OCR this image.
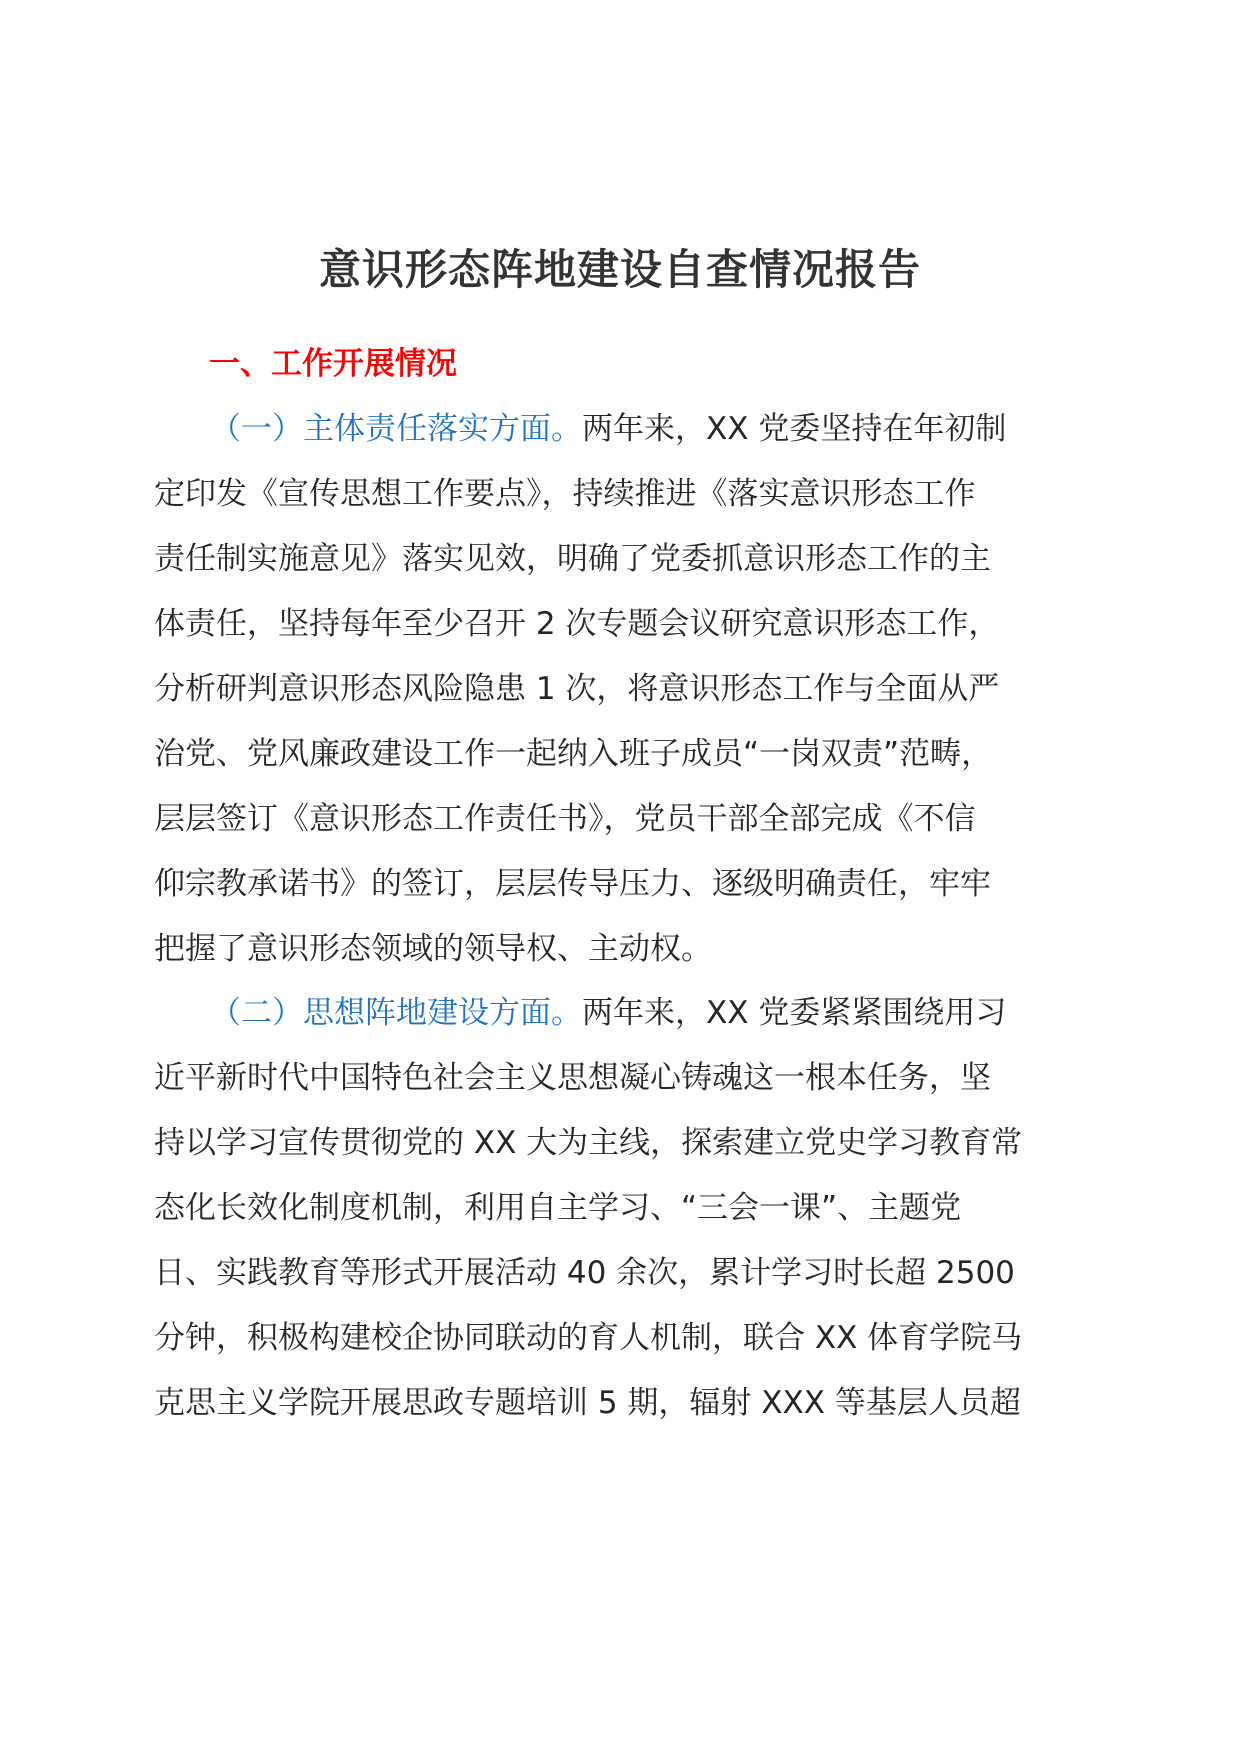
意识形态阵地建设自查情况报告
一、工作开展情况
（一）主体责任落实方面。两年来，XX 党委坚持在年初制
定印发《宣传思想工作要点》，持续推进《落实意识形态工作
责任制实施意见》落实见效，明确了党委抓意识形态工作的主
体责任，坚持每年至少召开 2 次专题会议研究意识形态工作，
分析研判意识形态风险隐患 1 次，将意识形态工作与全面从严
治党、党风廉政建设工作一起纳入班子成员“一岗双责”范畴，
层层签订《意识形态工作责任书》，党员干部全部完成《不信
仰宗教承诺书》的签订，层层传导压力、逐级明确责任，牢牢
把握了意识形态领域的领导权、主动权。
（二）思想阵地建设方面。两年来，XX 党委紧紧围绕用习
近平新时代中国特色社会主义思想凝心铸魂这一根本任务，坚
持以学习宣传贯彻党的 XX 大为主线，探索建立党史学习教育常
态化长效化制度机制，利用自主学习、“三会一课”、主题党
日、实践教育等形式开展活动 40 余次，累计学习时长超 2500
分钟，积极构建校企协同联动的育人机制，联合 XX 体育学院马
克思主义学院开展思政专题培训 5 期，辐射 XXX 等基层人员超
